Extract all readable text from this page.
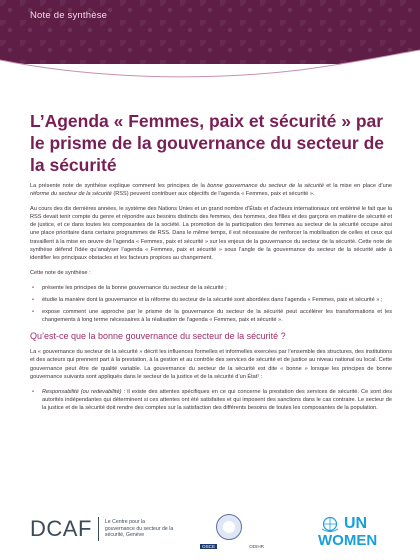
Note de synthèse
L’Agenda « Femmes, paix et sécurité » par le prisme de la gouvernance du secteur de la sécurité

La présente note de synthèse explique comment les principes de la bonne gouvernance du secteur de la sécurité et la mise en place d’une réforme du secteur de la sécurité (RSS) peuvent contribuer aux objectifs de l’agenda « Femmes, paix et sécurité ».

Au cours des dix dernières années, le système des Nations Unies et un grand nombre d’États et d’acteurs internationaux ont entériné le fait que la RSS devait tenir compte du genre et répondre aux besoins distincts des femmes, des hommes, des filles et des garçons en matière de sécurité et de justice, et ce dans toutes les composantes de la société. La promotion de la participation des femmes au secteur de la sécurité occupe ainsi une place prioritaire dans certains programmes de RSS. Dans le même temps, il est nécessaire de renforcer la mobilisation de celles et ceux qui travaillent à la mise en œuvre de l’agenda « Femmes, paix et sécurité » sur les enjeux de la gouvernance du secteur de la sécurité. Cette note de synthèse défend l’idée qu’analyser l’agenda « Femmes, paix et sécurité » sous l’angle de la gouvernance du secteur de la sécurité aide à identifier les principaux obstacles et les facteurs propices au changement.

Cette note de synthèse :

• présente les principes de la bonne gouvernance du secteur de la sécurité ;
• étudie la manière dont la gouvernance et la réforme du secteur de la sécurité sont abordées dans l’agenda « Femmes, paix et sécurité » ;
• expose comment une approche par le prisme de la gouvernance du secteur de la sécurité peut accélérer les transformations et les changements à long terme nécessaires à la réalisation de l’agenda « Femmes, paix et sécurité ».
Qu’est-ce que la bonne gouvernance du secteur de la sécurité ?

La « gouvernance du secteur de la sécurité » décrit les influences formelles et informelles exercées par l’ensemble des structures, des institutions et des acteurs qui prennent part à la prestation, à la gestion et au contrôle des services de sécurité et de justice au niveau national ou local. Cette gouvernance peut être de qualité variable. La gouvernance du secteur de la sécurité est dite « bonne » lorsque les principes de bonne gouvernance suivants sont appliqués dans le secteur de la justice et de la sécurité d’un État¹ :

• Responsabilité (ou redevabilité) : il existe des attentes spécifiques en ce qui concerne la prestation des services de sécurité. Ce sont des autorités indépendantes qui déterminent si ces attentes ont été satisfaites et qui imposent des sanctions dans le cas contraire. Le secteur de la justice et de la sécurité doit rendre des comptes sur la satisfaction des différents besoins de toutes les composantes de la population.
DCAF	Le Centre pour la gouvernance du secteur de la sécurité, Genève
OSCE	ODIHR
UN
WOMEN
